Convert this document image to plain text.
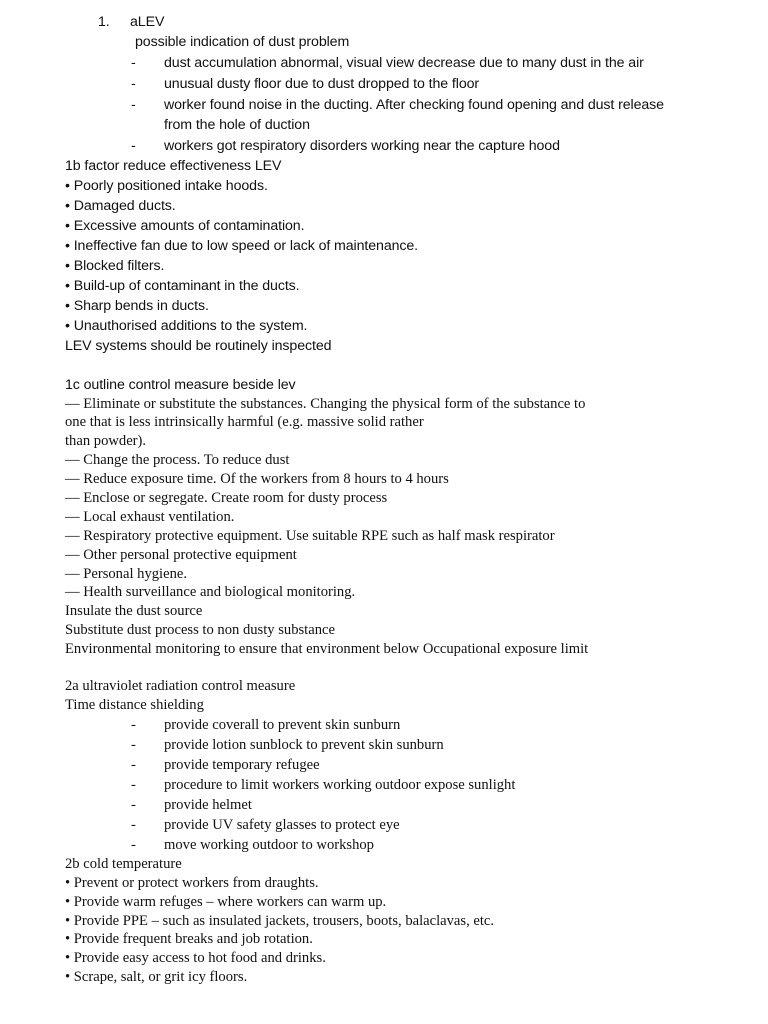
1. aLEV
possible indication of dust problem
- dust accumulation abnormal, visual view decrease due to many dust in the air
- unusual dusty floor due to dust dropped to the floor
- worker found noise in the ducting. After checking found opening and dust release
from the hole of duction
- workers got respiratory disorders working near the capture hood
1b factor reduce effectiveness LEV
• Poorly positioned intake hoods.
• Damaged ducts.
• Excessive amounts of contamination.
• Ineffective fan due to low speed or lack of maintenance.
• Blocked filters.
• Build-up of contaminant in the ducts.
• Sharp bends in ducts.
• Unauthorised additions to the system.
LEV systems should be routinely inspected
1c outline control measure beside lev
— Eliminate or substitute the substances. Changing the physical form of the substance to
one that is less intrinsically harmful (e.g. massive solid rather
than powder).
— Change the process. To reduce dust
— Reduce exposure time. Of the workers from 8 hours to 4 hours
— Enclose or segregate. Create room for dusty process
— Local exhaust ventilation.
— Respiratory protective equipment. Use suitable RPE such as half mask respirator
— Other personal protective equipment
— Personal hygiene.
— Health surveillance and biological monitoring.
Insulate the dust source
Substitute dust process to non dusty substance
Environmental monitoring to ensure that environment below Occupational exposure limit
2a ultraviolet radiation control measure
Time distance shielding
- provide coverall to prevent skin sunburn
- provide lotion sunblock to prevent skin sunburn
- provide temporary refugee
- procedure to limit workers working outdoor expose sunlight
- provide helmet
- provide UV safety glasses to protect eye
- move working outdoor to workshop
2b cold temperature
• Prevent or protect workers from draughts.
• Provide warm refuges – where workers can warm up.
• Provide PPE – such as insulated jackets, trousers, boots, balaclavas, etc.
• Provide frequent breaks and job rotation.
• Provide easy access to hot food and drinks.
• Scrape, salt, or grit icy floors.
